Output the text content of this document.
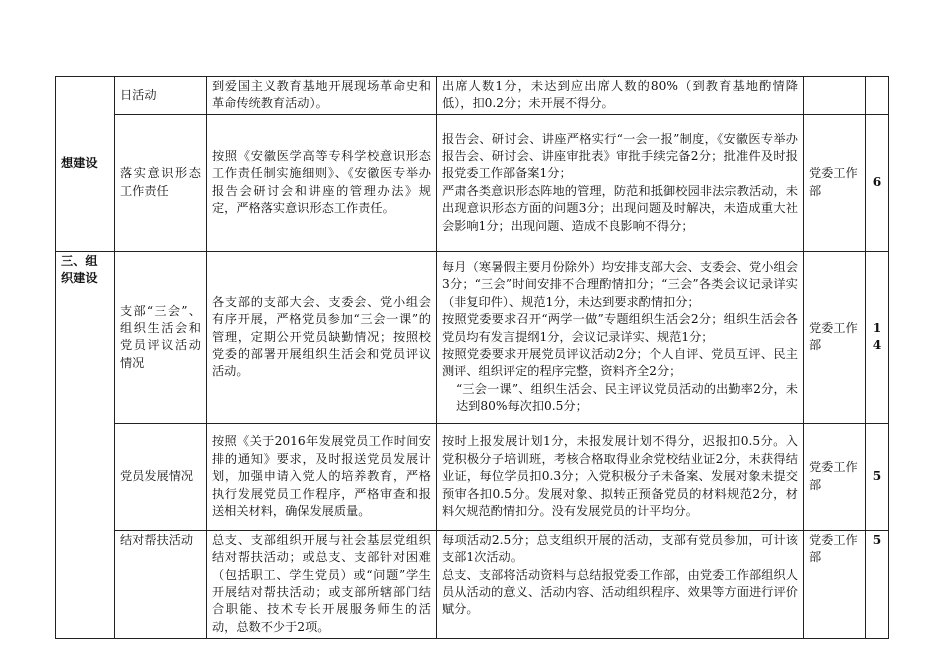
想建设	日活动	到爱国主义教育基地开展现场革命史和革命传统教育活动）。	出席人数1分，未达到应出席人数的80%（到教育基地酌情降低），扣0.2分；未开展不得分。		

	落实意识形态工作责任	按照《安徽医学高等专科学校意识形态工作责任制实施细则》、《安徽医专举办报告会研讨会和讲座的管理办法》规定，严格落实意识形态工作责任。	报告会、研讨会、讲座严格实行“一会一报”制度，《安徽医专举办报告会、研讨会、讲座审批表》审批手续完备2分；批准件及时报报党委工作部备案1分；
严肃各类意识形态阵地的管理，防范和抵御校园非法宗教活动，未出现意识形态方面的问题3分；出现问题及时解决，未造成重大社会影响1分；出现问题、造成不良影响不得分；	党委工作部	6
三、组织建设	支部“三会”、组织生活会和党员评议活动情况	各支部的支部大会、支委会、党小组会有序开展，严格党员参加“三会一课”的管理，定期公开党员缺勤情况；按照校党委的部署开展组织生活会和党员评议活动。	每月（寒暑假主要月份除外）均安排支部大会、支委会、党小组会3分；“三会”时间安排不合理酌情扣分；“三会”各类会议记录详实（非复印件）、规范1分，未达到要求酌情扣分；
按照党委要求召开“两学一做”专题组织生活会2分；组织生活会各党员均有发言提纲1分，会议记录详实、规范1分；
按照党委要求开展党员评议活动2分；个人自评、党员互评、民主测评、组织评定的程序完整，资料齐全2分；
“三会一课”、组织生活会、民主评议党员活动的出勤率2分，未达到80%每次扣0.5分；	党委工作部	14
	党员发展情况	按照《关于2016年发展党员工作时间安排的通知》要求，及时报送党员发展计划，加强申请入党人的培养教育，严格执行发展党员工作程序，严格审查和报送相关材料，确保发展质量。	按时上报发展计划1分，未报发展计划不得分，迟报扣0.5分。入党积极分子培训班，考核合格取得业余党校结业证2分，未获得结业证，每位学员扣0.3分；入党积极分子未备案、发展对象未提交预审各扣0.5分。发展对象、拟转正预备党员的材料规范2分，材料欠规范酌情扣分。没有发展党员的计平均分。	党委工作部	5
	结对帮扶活动	总支、支部组织开展与社会基层党组织结对帮扶活动；或总支、支部针对困难（包括职工、学生党员）或“问题”学生开展结对帮扶活动；或支部所辖部门结合职能、技术专长开展服务师生的活动，总数不少于2项。	每项活动2.5分；总支组织开展的活动，支部有党员参加，可计该支部1次活动。
总支、支部将活动资料与总结报党委工作部，由党委工作部组织人员从活动的意义、活动内容、活动组织程序、效果等方面进行评价赋分。	党委工作部	5
